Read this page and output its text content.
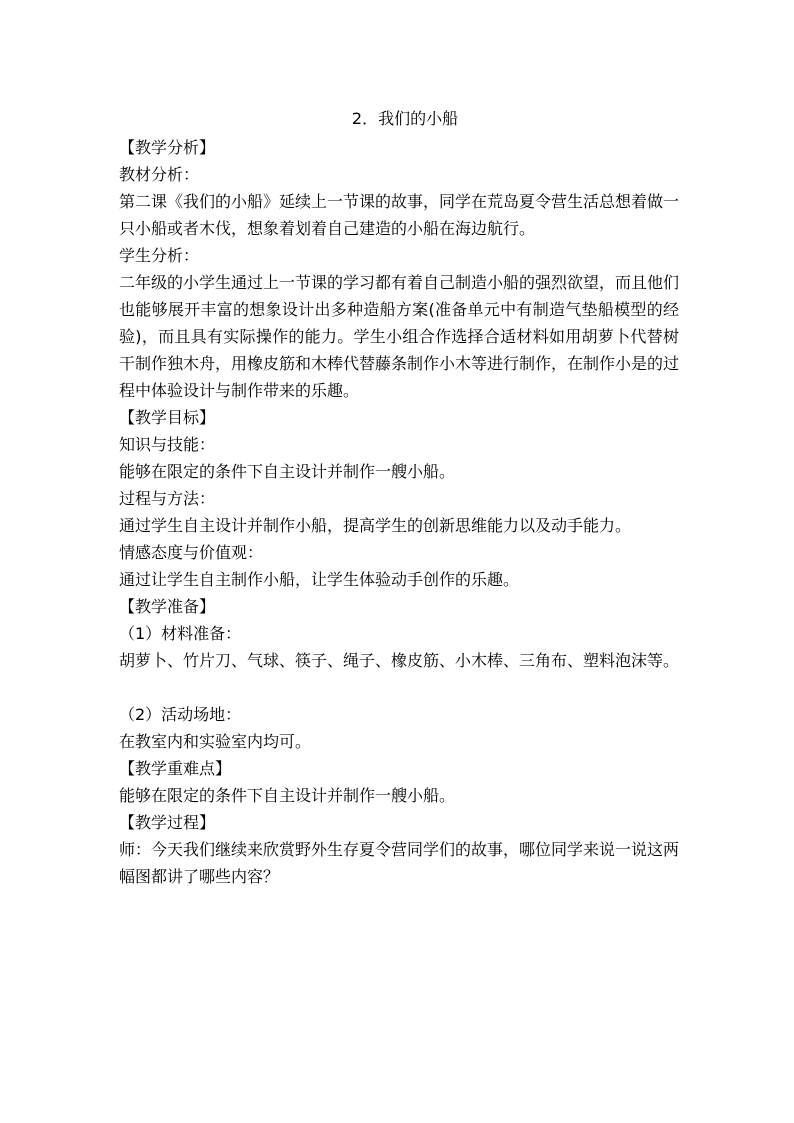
2．我们的小船

【教学分析】

教材分析：

第二课《我们的小船》延续上一节课的故事，同学在荒岛夏令营生活总想着做一只小船或者木伐，想象着划着自己建造的小船在海边航行。

学生分析：

二年级的小学生通过上一节课的学习都有着自己制造小船的强烈欲望，而且他们也能够展开丰富的想象设计出多种造船方案(准备单元中有制造气垫船模型的经验)，而且具有实际操作的能力。学生小组合作选择合适材料如用胡萝卜代替树干制作独木舟，用橡皮筋和木棒代替藤条制作小木等进行制作，在制作小是的过程中体验设计与制作带来的乐趣。

【教学目标】

知识与技能：

能够在限定的条件下自主设计并制作一艘小船。

过程与方法：

通过学生自主设计并制作小船，提高学生的创新思维能力以及动手能力。

情感态度与价值观：

通过让学生自主制作小船，让学生体验动手创作的乐趣。

【教学准备】

（1）材料准备：

胡萝卜、竹片刀、气球、筷子、绳子、橡皮筋、小木棒、三角布、塑料泡沫等。

（2）活动场地：

在教室内和实验室内均可。

【教学重难点】

能够在限定的条件下自主设计并制作一艘小船。

【教学过程】

师：今天我们继续来欣赏野外生存夏令营同学们的故事，哪位同学来说一说这两幅图都讲了哪些内容？
